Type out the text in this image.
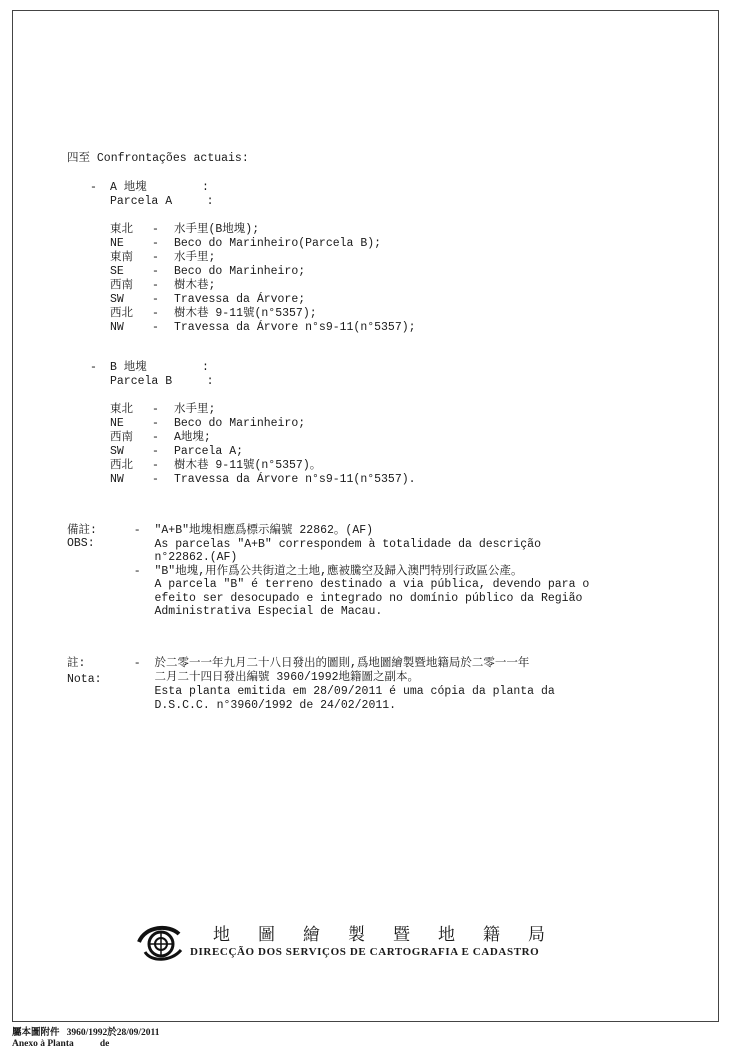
四至 Confrontações actuais:
- A 地塊        :
Parcela A     :
東北 - 水手里(B地塊);
NE - Beco do Marinheiro(Parcela B);
東南 - 水手里;
SE - Beco do Marinheiro;
西南 - 樹木巷;
SW - Travessa da Árvore;
西北 - 樹木巷 9-11號(n°5357);
NW - Travessa da Árvore n°s9-11(n°5357);
- B 地塊        :
Parcela B     :
東北 - 水手里;
NE - Beco do Marinheiro;
西南 - A地塊;
SW - Parcela A;
西北 - 樹木巷 9-11號(n°5357)。
NW - Travessa da Árvore n°s9-11(n°5357).
備註:
OBS:
-  "A+B"地塊相應爲標示編號 22862。(AF)
As parcelas "A+B" correspondem à totalidade da descrição
n°22862.(AF)
-  "B"地塊,用作爲公共街道之土地,應被騰空及歸入澳門特別行政區公產。
A parcela "B" é terreno destinado a via pública, devendo para o
efeito ser desocupado e integrado no domínio público da Região
Administrativa Especial de Macau.
註:
Nota:
-  於二零一一年九月二十八日發出的圖則,爲地圖繪製暨地籍局於二零一一年
二月二十四日發出編號 3960/1992地籍圖之副本。
Esta planta emitida em 28/09/2011 é uma cópia da planta da
D.S.C.C. n°3960/1992 de 24/02/2011.
地圖繪製暨地籍局
DIRECÇÃO DOS SERVIÇOS DE CARTOGRAFIA E CADASTRO
屬本圖附件   3960/1992於28/09/2011
Anexo à Planta           de
